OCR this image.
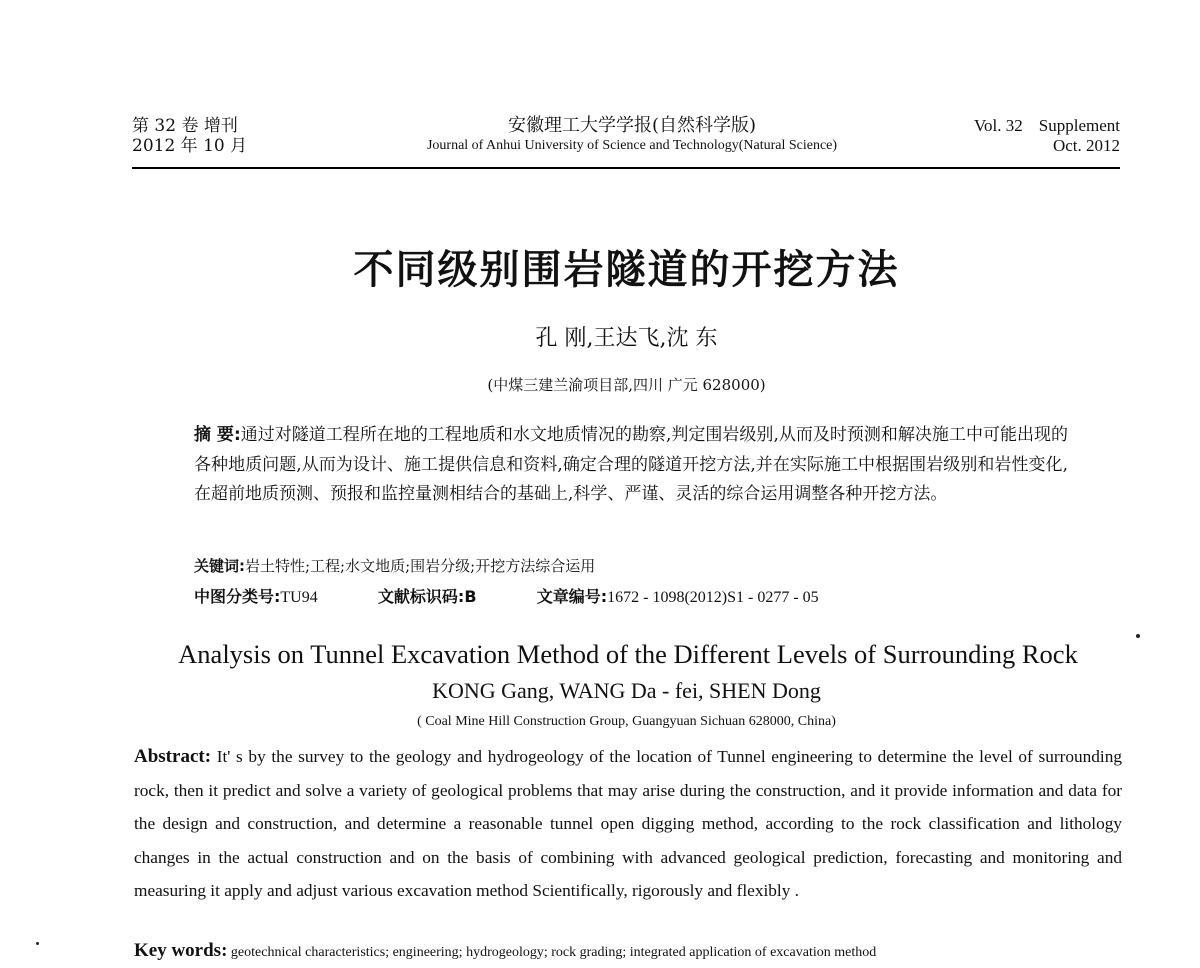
第 32 卷 增刊
2012 年 10 月
安徽理工大学学报(自然科学版)
Journal of Anhui University of Science and Technology(Natural Science)
Vol. 32 Supplement
Oct. 2012
不同级别围岩隧道的开挖方法
孔 刚,王达飞,沈 东
(中煤三建兰渝项目部,四川 广元 628000)
摘 要:通过对隧道工程所在地的工程地质和水文地质情况的勘察,判定围岩级别,从而及时预测和解决施工中可能出现的各种地质问题,从而为设计、施工提供信息和资料,确定合理的隧道开挖方法,并在实际施工中根据围岩级别和岩性变化,在超前地质预测、预报和监控量测相结合的基础上,科学、严谨、灵活的综合运用调整各种开挖方法。
关键词:岩土特性;工程;水文地质;围岩分级;开挖方法综合运用
中图分类号:TU94	文献标识码:B	文章编号:1672 - 1098(2012)S1 - 0277 - 05
Analysis on Tunnel Excavation Method of the Different Levels of Surrounding Rock
KONG Gang, WANG Da - fei, SHEN Dong
( Coal Mine Hill Construction Group, Guangyuan Sichuan 628000, China)
Abstract: It' s by the survey to the geology and hydrogeology of the location of Tunnel engineering to determine the level of surrounding rock, then it predict and solve a variety of geological problems that may arise during the construction, and it provide information and data for the design and construction, and determine a reasonable tunnel open digging method, according to the rock classification and lithology changes in the actual construction and on the basis of combining with advanced geological prediction, forecasting and monitoring and measuring it apply and adjust various excavation method Scientifically, rigorously and flexibly .
Key words: geotechnical characteristics; engineering; hydrogeology; rock grading; integrated application of excavation method
